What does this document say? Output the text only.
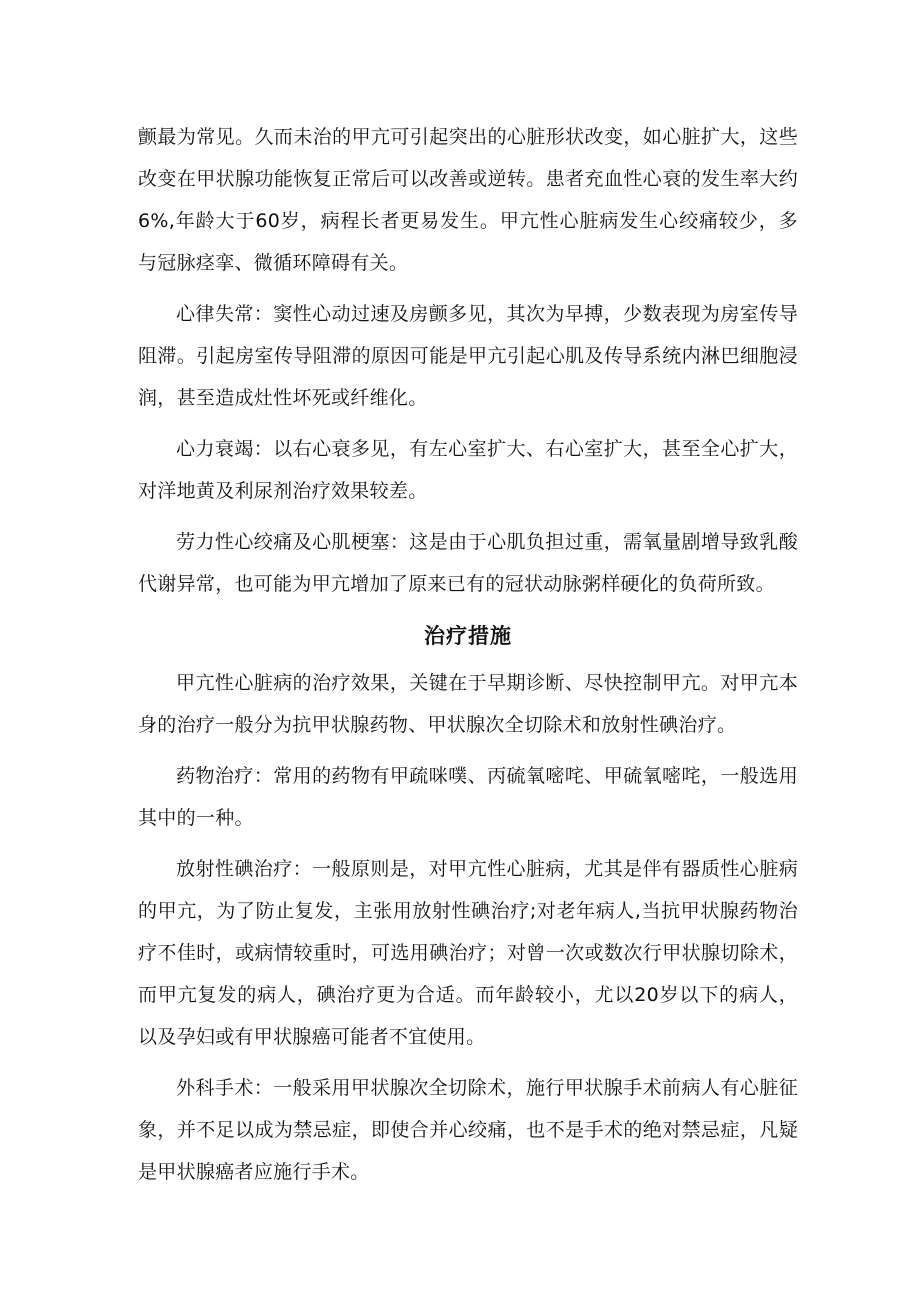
颤最为常见。久而未治的甲亢可引起突出的心脏形状改变，如心脏扩大，这些改变在甲状腺功能恢复正常后可以改善或逆转。患者充血性心衰的发生率大约6%,年龄大于60岁，病程长者更易发生。甲亢性心脏病发生心绞痛较少，多与冠脉痉挛、微循环障碍有关。

心律失常：窦性心动过速及房颤多见，其次为早搏，少数表现为房室传导阻滞。引起房室传导阻滞的原因可能是甲亢引起心肌及传导系统内淋巴细胞浸润，甚至造成灶性坏死或纤维化。

心力衰竭：以右心衰多见，有左心室扩大、右心室扩大，甚至全心扩大，对洋地黄及利尿剂治疗效果较差。

劳力性心绞痛及心肌梗塞：这是由于心肌负担过重，需氧量剧增导致乳酸代谢异常，也可能为甲亢增加了原来已有的冠状动脉粥样硬化的负荷所致。

治疗措施

甲亢性心脏病的治疗效果，关键在于早期诊断、尽快控制甲亢。对甲亢本身的治疗一般分为抗甲状腺药物、甲状腺次全切除术和放射性碘治疗。

药物治疗：常用的药物有甲疏咪噗、丙硫氧嘧咤、甲硫氧嘧咤，一般选用其中的一种。

放射性碘治疗：一般原则是，对甲亢性心脏病，尤其是伴有器质性心脏病的甲亢，为了防止复发，主张用放射性碘治疗;对老年病人,当抗甲状腺药物治疗不佳时，或病情较重时，可选用碘治疗；对曾一次或数次行甲状腺切除术，而甲亢复发的病人，碘治疗更为合适。而年龄较小，尤以20岁以下的病人，以及孕妇或有甲状腺癌可能者不宜使用。

外科手术：一般采用甲状腺次全切除术，施行甲状腺手术前病人有心脏征象，并不足以成为禁忌症，即使合并心绞痛，也不是手术的绝对禁忌症，凡疑是甲状腺癌者应施行手术。
